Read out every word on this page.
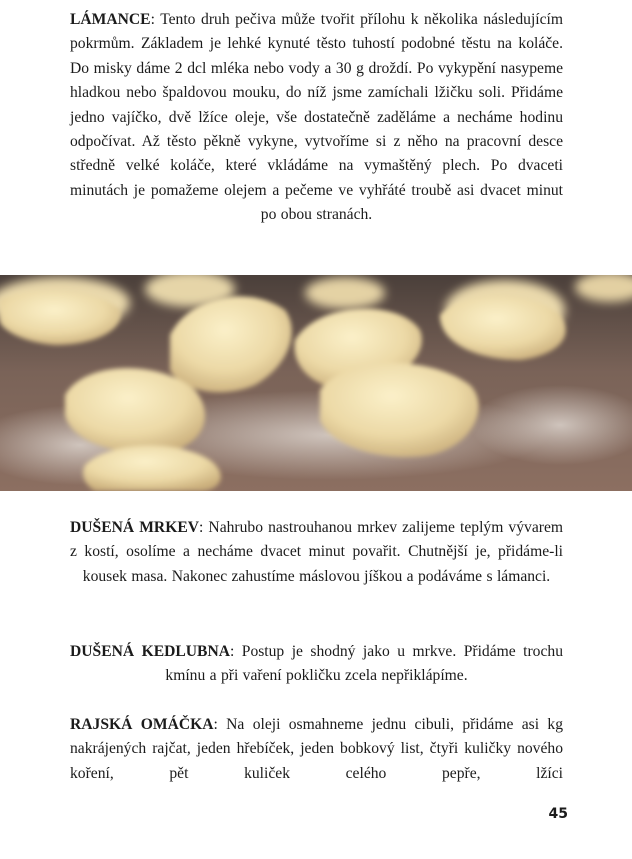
LÁMANCE: Tento druh pečiva může tvořit přílohu k několika následujícím pokrmům. Základem je lehké kynuté těsto tuhostí podobné těstu na koláče. Do misky dáme 2 dcl mléka nebo vody a 30 g droždí. Po vykypění nasypeme hladkou nebo špaldovou mouku, do níž jsme zamíchali lžičku soli. Přidáme jedno vajíčko, dvě lžíce oleje, vše dostatečně zaděláme a necháme hodinu odpočívat. Až těsto pěkně vykyne, vytvoříme si z něho na pracovní desce středně velké koláče, které vkládáme na vymaštěný plech. Po dvaceti minutách je pomažeme olejem a pečeme ve vyhřáté troubě asi dvacet minut po obou stranách.

DUŠENÁ MRKEV: Nahrubo nastrouhanou mrkev zalijeme teplým vývarem z kostí, osolíme a necháme dvacet minut povařit. Chutnější je, přidáme-li kousek masa. Nakonec zahustíme máslovou jíškou a podáváme s lámanci.

DUŠENÁ KEDLUBNA: Postup je shodný jako u mrkve. Přidáme trochu kmínu a při vaření pokličku zcela nepřiklápíme.

RAJSKÁ OMÁČKA: Na oleji osmahneme jednu cibuli, přidáme asi kg nakrájených rajčat, jeden hřebíček, jeden bobkový list, čtyři kuličky nového koření, pět kuliček celého pepře, lžíci

45
